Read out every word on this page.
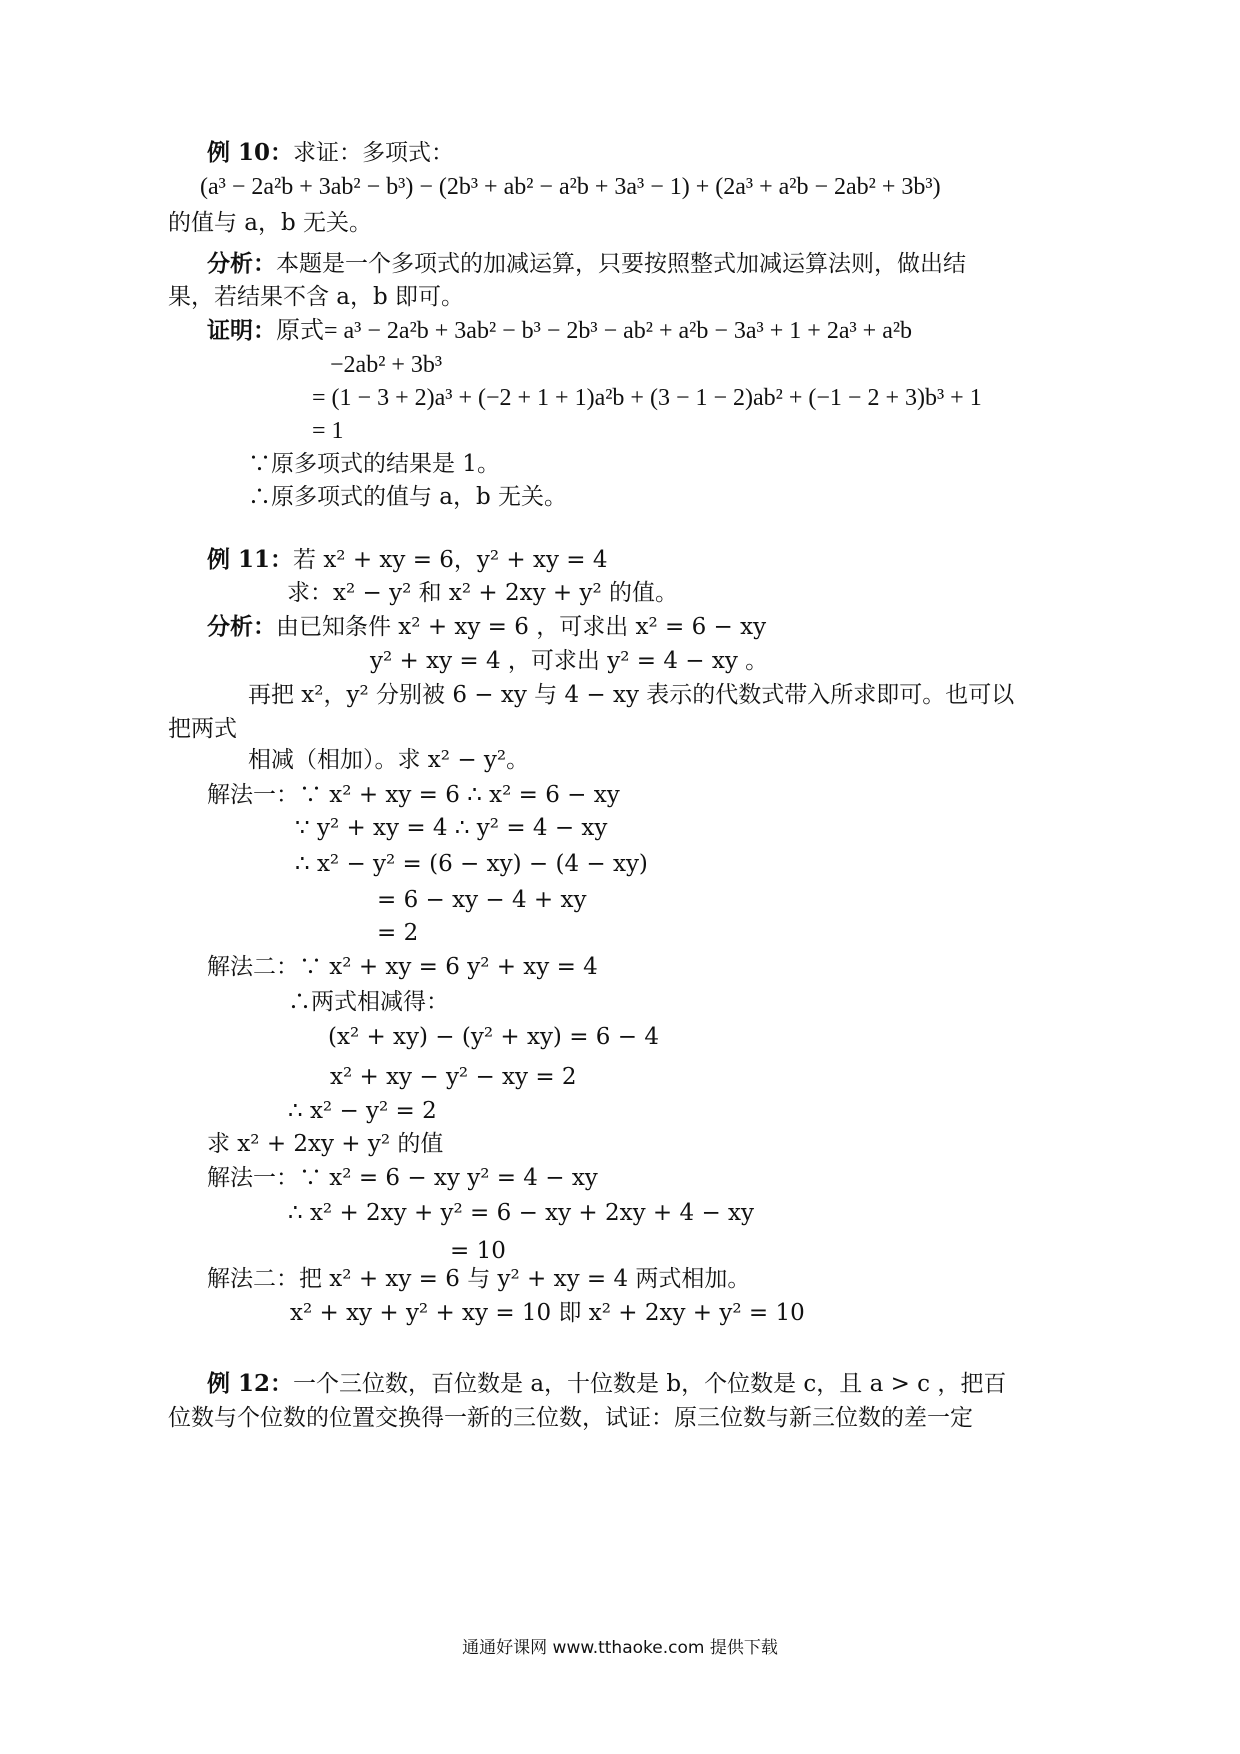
例 10：求证：多项式：
(a³ − 2a²b + 3ab² − b³) − (2b³ + ab² − a²b + 3a³ − 1) + (2a³ + a²b − 2ab² + 3b³)
的值与 a，b 无关。
分析：本题是一个多项式的加减运算，只要按照整式加减运算法则，做出结
果，若结果不含 a，b 即可。
证明：原式= a³ − 2a²b + 3ab² − b³ − 2b³ − ab² + a²b − 3a³ + 1 + 2a³ + a²b
−2ab² + 3b³
= (1 − 3 + 2)a³ + (−2 + 1 + 1)a²b + (3 − 1 − 2)ab² + (−1 − 2 + 3)b³ + 1
= 1
∵原多项式的结果是 1。
∴原多项式的值与 a，b 无关。
例 11：若 x² + xy = 6，y² + xy = 4
求：x² − y² 和 x² + 2xy + y² 的值。
分析：由已知条件 x² + xy = 6 ，可求出 x² = 6 − xy
y² + xy = 4 ，可求出 y² = 4 − xy 。
再把 x²，y² 分别被 6 − xy 与 4 − xy 表示的代数式带入所求即可。也可以
把两式
相减（相加）。求 x² − y²。
解法一：∵ x² + xy = 6 ∴ x² = 6 − xy
∵ y² + xy = 4 ∴ y² = 4 − xy
∴ x² − y² = (6 − xy) − (4 − xy)
= 6 − xy − 4 + xy
= 2
解法二：∵ x² + xy = 6 y² + xy = 4
∴两式相减得：
(x² + xy) − (y² + xy) = 6 − 4
x² + xy − y² − xy = 2
∴ x² − y² = 2
求 x² + 2xy + y² 的值
解法一：∵ x² = 6 − xy y² = 4 − xy
∴ x² + 2xy + y² = 6 − xy + 2xy + 4 − xy
= 10
解法二：把 x² + xy = 6 与 y² + xy = 4 两式相加。
x² + xy + y² + xy = 10 即 x² + 2xy + y² = 10
例 12：一个三位数，百位数是 a，十位数是 b，个位数是 c，且 a > c ，把百
位数与个位数的位置交换得一新的三位数，试证：原三位数与新三位数的差一定
通通好课网 www.tthaoke.com 提供下载
